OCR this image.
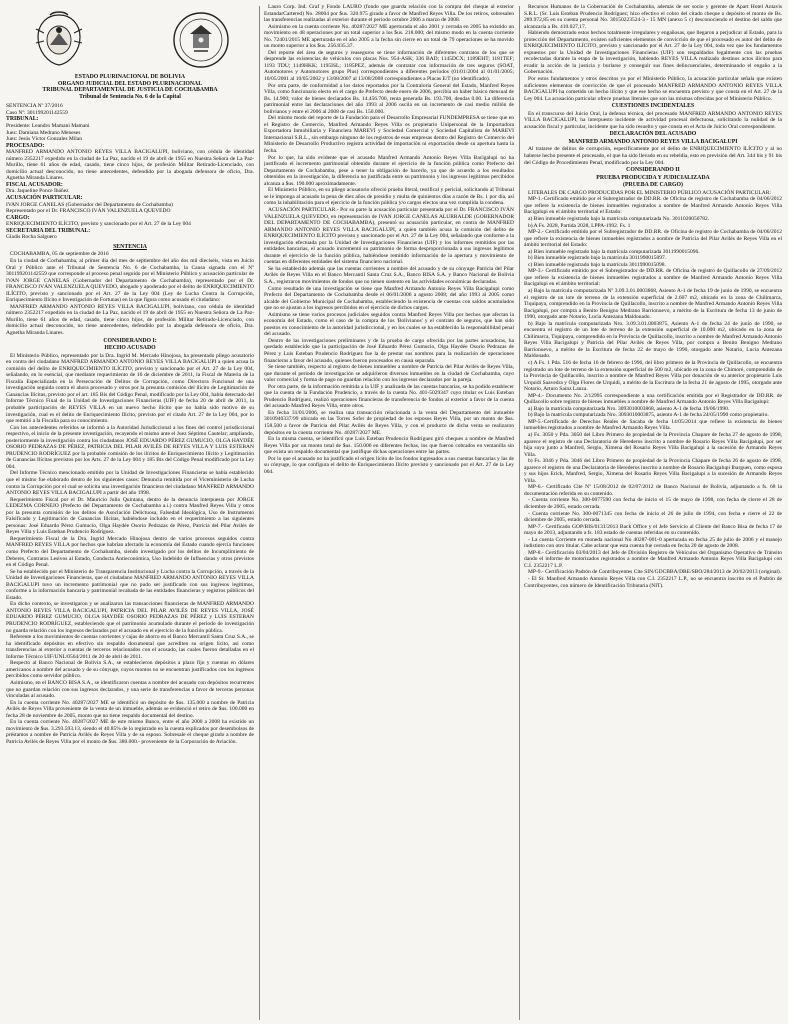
ESTADO PLURINACIONAL DE BOLIVIA

ORGANO JUDICIAL DEL ESTADO PLURINACIONAL

TRIBUNAL DEPARTAMENTAL DE JUSTICIA DE COCHABAMBA

Tribunal de Sentencia No. 6 de la Capital

SENTENCIA Nº 37/2016

Caso Nº: 301199201142559

TRIBUNAL:

Presidente: Leandro Mamani Mamani

Juez: Damiana Medrano Meneses

Juez: Jesús Víctor Gonzales Milan

PROCESADO:

MANFRED ARMANDO ANTONIO REYES VILLA BACIGALUPI, boliviano, con cédula de identidad número 2352217 expedido en la ciudad de La Paz, nacido el 19 de abril de 1955 en Nuestra Señora de La Paz-Murillo, tiene 61 años de edad, casado, tiene cinco hijos, de profesión Militar Retirado-Licenciado, con domicilio actual desconocido, no tiene antecedentes, defendido por la abogada defensora de oficio, Dra. Agnetha Miranda Linares.

FISCAL ACUSADOR:

Dra. Jaqueline Ponce Ibáñez

ACUSACIÓN PARTICULAR:

IVAN JORGE CANELAS (Gobernador del Departamento de Cochabamba)

Representado por el Dr. FRANCISCO IVÁN VALENZUELA QUEVEDO

CARGO:

ENRIQUECIMIENTO ILÍCITO, previsto y sancionado por el Art. 27 de la Ley 004

SECRETARIA DEL TRIBUNAL:

Gladis Rocha Salguero

SENTENCIA

COCHABAMBA, 05 de septiembre de 2016

En la ciudad de Cochabamba, al primer día del mes de septiembre del año dos mil dieciséis, vista en Juicio Oral y Público ante el Tribunal de Sentencia No. 6 de Cochabamba, la Causa signada con el Nº 301199201142559 que corresponde al proceso penal seguido por el Ministerio Público y acusación particular de IVAN JORGE CANELAS (Gobernador del Departamento de Cochabamba), representado por el Dr. FRANCISCO IVÁN VALENZUELA QUEVEDO, abogado y apoderado por el delito de ENRIQUECIMIENTO ILÍCITO, previsto y sancionado por el Art. 27 de la Ley 004 (Ley de Lucha Contra la Corrupción, Enriquecimiento Ilícito e Investigación de Fortunas) en la que figura como acusado el ciudadano:

MANFRED ARMANDO ANTONIO REYES VILLA BACIGALUPI, boliviano, con cédula de identidad número 2352217 expedido en la ciudad de La Paz, nacido el 19 de abril de 1955 en Nuestra Señora de La Paz-Murillo, tiene 61 años de edad, casado, tiene cinco hijos, de profesión Militar Retirado-Licenciado, con domicilio actual desconocido, no tiene antecedentes, defendido por la abogada defensora de oficio, Dra. Agnetha Miranda Linares.

CONSIDERANDO I:
HECHO ACUSADO

El Ministerio Público, representado por la Dra. Ingrid M. Mercado Hinojosa, ha presentado pliego acusatorio en contra del ciudadano MANFRED ARMANDO ANTONIO REYES VILLA BACIGALUPI a quien acusa la comisión del delito de ENRIQUECIMIENTO ILÍCITO, previsto y sancionado por el Art. 27 de la Ley 004, señalando, en lo esencial, que mediante requerimiento de 16 de diciembre de 2011, la Fiscal de Materia de la Fiscalía Especializada en la Persecución de Delitos de Corrupción, como Directora Funcional de una investigación seguida contra el ahora procesado y otros por la presunta comisión del ilícito de Legitimación de Ganancias Ilícitas, previsto por el art. 185 Bis del Código Penal, modificado por la Ley 004, había detectado del Informe Técnico Final de la Unidad de Investigaciones Financieras (UIF) de fecha 20 de abril de 2011, la probable participación de REYES VILLA en un nuevo hecho ilícito que no había sido motivo de su investigación, cual es el delito de Enriquecimiento Ilícito, previsto por el citado Art. 27 de la Ley 004, por lo que remitió a la Fiscalía para su conocimiento.

Con los antecedentes referidos se informó a la Autoridad Jurisdiccional a los fines del control jurisdiccional respectivo, el inicio de la presente investigación, recayendo el mismo ante el Juez Séptimo Cautelar; ampliando, posteriormente la investigación contra los ciudadanos JOSÉ EDUARDO PÉREZ GUMUCIO, OLGA HAYDÉE OSORIO PEDRAZAS DE PÉREZ, PATRICIA DEL PILAR AVILÉS DE REYES VILLA Y LUIS ESTEBAN PRUDENCIO RODRÍGUEZ por la probable comisión de los ilícitos de Enriquecimiento Ilícito y Legitimación de Ganancias Ilícitas previstos por los Arts. 27 de la Ley 004 y 185 Bis del Código Penal modificado por la Ley 004.

Del Informe Técnico mencionado emitido por la Unidad de Investigaciones Financieras se había establecido que el mismo fue elaborado dentro de los siguientes casos: Denuncia remitida por el Viceministerio de Lucha contra la Corrupción por el cual se solicita una investigación financiera del ciudadano MANFRED ARMANDO ANTONIO REYES VILLA BACIGALUPI a partir del año 1998.

Requerimiento Fiscal por el Dr. Mauricio Julio Quintana, dentro de la denuncia interpuesta por JORGE LEDEZMA CORNEJO (Prefecto del Departamento de Cochabamba a.i.) contra Manfred Reyes Villa y otros por la presunta comisión de los delitos de Asociación Delictuosa, Falsedad Ideológica, Uso de Instrumento Falsificado y Legitimación de Ganancias Ilícitas, habiéndose incluido en el requerimiento a las siguientes personas: José Eduardo Pérez Gumucio, Olga Haydée Osorio Pedrazas de Pérez, Patricia del Pilar Avilés de Reyes Villa y Luis Esteban Prudencio Rodríguez.

Requerimiento Fiscal de la Dra. Ingrid Mercado Hinojosa dentro de varios procesos seguidos contra MANFRED REYES VILLA por hechos que habrían afectado la economía del Estado cuando ejercía funciones como Prefecto del Departamento de Cochabamba, siendo investigado por los delitos de Incumplimiento de Deberes, Contratos Lesivos al Estado, Conducta Antieconómica, Uso Indebido de Influencias y otros previstos en el Código Penal.

Se ha establecido por el Ministerio de Transparencia Institucional y Lucha contra la Corrupción, a través de la Unidad de Investigaciones Financieras, que el ciudadano MANFRED ARMANDO ANTONIO REYES VILLA BACIGALUPI tuvo un incremento patrimonial que no pudo ser justificado con sus ingresos legítimos, conforme a la información bancaria y patrimonial recabada de las entidades financieras y registros públicos del Estado.

En dicho contexto, se investigaron y se analizaron las transacciones financieras de MANFRED ARMANDO ANTONIO REYES VILLA BACIGALUPI, PATRICIA DEL PILAR AVILÉS DE REYES VILLA, JOSÉ EDUARDO PÉREZ GUMUCIO, OLGA HAYDÉE OSORIO PEDRAZAS DE PÉREZ y LUIS ESTEBAN PRUDENCIO RODRÍGUEZ, estableciendo que el patrimonio acumulado durante el período de investigación no guarda relación con los ingresos declarados por el acusado en el ejercicio de la función pública.

Referente a los movimientos de cuentas corrientes y cajas de ahorro en el Banco Mercantil Santa Cruz S.A., se ha identificado depósitos en efectivo sin respaldo documental que acrediten su origen lícito, así como transferencias al exterior a cuentas de terceros relacionados con el acusado, las cuales fueron detalladas en el Informe Técnico UIF/UNL/0564/2011 de 20 de abril de 2011.

Respecto al Banco Nacional de Bolivia S.A., se establecieron depósitos a plazo fijo y cuentas en dólares americanos a nombre del acusado y de su cónyuge, cuyos montos no se encuentran justificados con los ingresos percibidos como servidor público.

Asimismo, en el BANCO BISA S.A., se identificaron cuentas a nombre del acusado con depósitos recurrentes que no guardan relación con sus ingresos declarados, y una serie de transferencias a favor de terceras personas vinculadas al acusado.

En la cuenta corriente No. 40287/2027 ME se identificó un depósito de $us. 135.000 a nombre de Patricia Avilés de Reyes Villa proveniente de la venta de un inmueble, además se evidenció el retiro de $us. 100.000 en fecha 28 de noviembre de 2005, monto que no tiene respaldo documental del destino.

En la cuenta corriente No. 40287/2027 ME de este mismo Banco, entre el año 2000 a 2008 ha existido un movimiento de $us. 3.293.593.13, siendo el 40.85% de lo registrado en la cuenta explicados por desembolsos de préstamos a nombre de Patricia Avilés de Reyes Villa y de su esposo. Sobresale el cheque girado a nombre de Patricia Avilés de Reyes Villa por el monto de $us. 380.000.- proveniente de la Corporación de Aviación.

Lauro Corp. Ind. Graf y Fondo LAURO (fondo que guarda relación con la compra del cheque al exterior EstandarCartered) No. 28004 por $us. 320.975 girado a favor de Manfred Reyes Villa. De los retiros, sobresalen las transferencias realizadas al exterior durante el periodo octubre 2006 a marzo de 2008.

Asimismo en la cuenta corriente No. 40287/2027 ME aperturada el año 2001 y cerrada en 2005 ha existido un movimiento en 48 operaciones por un total superior a los $us. 218.000; del mismo modo en la cuenta corriente No. 72401/2015 ME aperturada en el año 2005 a la fecha sin cierre en un total de 79 operaciones se ha movido un monto superior a los $us. 256.835.37.

Del reporte del área de seguros y reaseguros se tiene información de diferentes contratos de los que se desprende las existencias de vehículos con placas Nos. 954-ASK; 336 BAD; 1145DCX; 1189EHT; 1181TEF; 1193 TDU; 1149HKK; 1195ISL; 1185PEZ, además de contratar con información de tres seguros (SOAT, Automotores y Automotores grupo Plus) correspondientes a diferentes períodos (01/01/2004 al 01/01/2005; 10/05/2001 al 10/05/2002 y 13/08/2007 al 13/08/2008 correspondientes a Placas E/T (no identificado).

Por otra parte, de conformidad a los datos reportados por la Contraloría General del Estado, Manfred Reyes Villa, como funcionario electo en el cargo de Prefecto desde enero de 2006, percibía un haber básico mensual de Bs. 14.900; valor de bienes declarados Bs. 14.456.700, renta generada Bs. 193.700, deudas 0.00. La diferencia patrimonial entre las declaraciones del año 1993 al 2006 oscila en un incremento de casi medio millón de bolivianos y entre el 2006 al 2008 de casi Bs. 150.000.

Del mismo modo del reporte de la Fundación para el Desarrollo Empresarial FUNDEMPRESA se tiene que en el Registro de Comercio, Manfred Armando Reyes Villa es propietario Unipersonal de la Importadora Exportadora Inmobiliaria y Financiera MAREVI y Sociedad Comercial y Sociedad Capitalista de MAREVI Internacional S.R.L., sin embargo ninguno de los registros de esas empresas dentro del Registro de Comercio del Ministerio de Desarrollo Productivo registra actividad de importación ni exportación desde su apertura hasta la fecha.

Por lo que, ha sido evidente que el acusado Manfred Armando Antonio Reyes Villa Bacigalupi no ha justificado el incremento patrimonial obtenido durante el ejercicio de la función pública como Prefecto del Departamento de Cochabamba, pese a tener la obligación de hacerlo, ya que de acuerdo a los resultados obtenidos en la investigación, la diferencia no justificada entre su patrimonio y los ingresos legítimos percibidos alcanza a $us. 190.000 aproximadamente.

El Ministerio Público, en su pliego acusatorio ofreció prueba literal, testifical y pericial, solicitando al Tribunal se le imponga al acusado la pena de diez años de presidio y multa de quinientos días a razón de Bs. 1 por día, así como la inhabilitación para el ejercicio de la función pública y/o cargos electos una vez cumplida la condena.

ACUSACIÓN PARTICULAR.- Por su parte la acusación particular presentada por el Dr. FRANCISCO IVÁN VALENZUELA QUEVEDO, en representación de IVAN JORGE CANELAS ALURRALDE (GOBERNADOR DEL DEPARTAMENTO DE COCHABAMBA), presentó su acusación particular, en contra de MANFRED ARMANDO ANTONIO REYES VILLA BACIGALUPI, a quien también acusa la comisión del delito de ENRIQUECIMIENTO ILÍCITO previsto y sancionado por el Art. 27 de la Ley 004, señalando que conforme a la investigación efectuada por la Unidad de Investigaciones Financieras (UIF) y los informes remitidos por las entidades bancarias, el acusado incrementó su patrimonio de forma desproporcionada a sus ingresos legítimos durante el ejercicio de la función pública, habiéndose remitido información de la apertura y movimiento de cuentas en diferentes entidades del sistema financiero nacional.

Se ha establecido además que las cuentas corrientes a nombre del acusado y de su cónyuge Patricia del Pilar Avilés de Reyes Villa en el Banco Mercantil Santa Cruz S.A., Banco BISA S.A. y Banco Nacional de Bolivia S.A., registraron movimientos de fondos que no tienen sustento en las actividades económicas declaradas.

Como resultado de una investigación se tiene que Manfred Armando Antonio Reyes Villa Bacigalupi como Prefecto del Departamento de Cochabamba desde el 06/01/2006 a agosto 2008; del año 1993 al 2005 como alcalde del Gobierno Municipal de Cochabamba, estableciendo la existencia de cuentas con saldos acumulados que no se ajustan a los ingresos percibidos en el ejercicio de dichos cargos.

Asimismo se tiene varios procesos judiciales seguidos contra Manfred Reyes Villa por hechos que afectan la economía del Estado, como el caso de la compra de los 'Bolivianos' y el contrato de seguros, que han sido puestos en conocimiento de la autoridad jurisdiccional, y en los cuales se ha establecido la responsabilidad penal del acusado.

Dentro de las investigaciones preliminares y de la prueba de cargo ofrecida por las partes acusadoras, ha quedado establecido que la participación de José Eduardo Pérez Gumucio, Olga Haydée Osorio Pedrazas de Pérez y Luis Esteban Prudencio Rodríguez fue la de prestar sus nombres para la realización de operaciones financieras a favor del acusado, quienes fueron procesados en causa separada.

Se tiene también, respecto al registro de bienes inmuebles a nombre de Patricia del Pilar Avilés de Reyes Villa, que durante el periodo de investigación se adquirieron diversos inmuebles en la ciudad de Cochabamba, cuyo valor comercial y forma de pago no guardan relación con los ingresos declarados por la pareja.

Por otra parte, de la información remitida a la UIF y analizada de las cuentas bancarias, se ha podido establecer que la cuenta de la Fundación Prudencio, a través de la cuenta No. 401-5029347 cuyo titular es Luis Esteban Prudencio Rodríguez, realizó operaciones financieras de transferencia de fondos al exterior a favor de la cuenta del acusado Manfred Reyes Villa, entre otros.

En fecha 31/01/2006, se realiza una transacción relacionada a la venta del Departamento del inmueble 3010940337/99 ubicado en las Torres Sofer de propiedad de los esposos Reyes Villa, por un monto de $us. 158.500 a favor de Patricia del Pilar Avilés de Reyes Villa, y con el producto de dicha venta se realizaron depósitos en la cuenta corriente No. 40287/2027 ME.

En la misma cuenta, se identificó que Luis Esteban Prudencio Rodríguez giró cheques a nombre de Manfred Reyes Villa por un monto total de $us. 150.000 en diferentes fechas, los que fueron cobrados en ventanilla sin que exista un respaldo documental que justifique dichas operaciones entre las partes.

Por lo que el acusado no ha justificado el origen lícito de los fondos ingresados a sus cuentas bancarias y las de su cónyuge, lo que configura el delito de Enriquecimiento Ilícito previsto y sancionado por el Art. 27 de la Ley 004.

Recursos Humanos de la Gobernación de Cochabamba, además de ser socio y gerente de Apart Hotel Antavis S.R.L. (Sr. Luis Esteban Prudencio Rodríguez; hizo efectivo el cobro del citado cheque o depósito el monto de Bs. 289.972,85 en su cuenta personal No. 30150223524-3 - 15 MN (anexo 5 c) desconociendo el destino del saldo que alcanzaría a Bs. 410.027,17.

Habiendo demostrado estos hechos totalmente irregulares y engañosas, que llegaron a perjudicar al Estado, para la protección del Departamento, existen suficientes elementos de convicción de que el procesado es autor del delito de ENRIQUECIMIENTO ILÍCITO, previsto y sancionado por el Art. 27 de la Ley 004, toda vez que los fundamentos expuestos por la Unidad de Investigaciones Financieras (UIF) son respaldados legalmente con las pruebas recolectadas durante la etapa de la investigación, habiendo REYES VILLA realizado destinos actos ilícitos para evadir la acción de la justicia y burlarse y conseguir sus fines delincuenciales, determinando el engaño a la Gobernación.

Por estos fundamentos y otros descritos ya por el Ministerio Público, la acusación particular señala que existen suficientes elementos de convicción de que el procesado MANFRED ARMANDO ANTONIO REYES VILLA BACIGALUPI ha cometido un hecho ilícito y que ese hecho se encuentra previsto y que consta en el Art. 27 de la Ley 004. La acusación particular ofrece pruebas literales que son las mismas ofrecidas por el Ministerio Público.

CUESTIONES INCIDENTALES

En el transcurso del Juicio Oral, la defensa técnica, del procesado MANFRED ARMANDO ANTONIO REYES VILLA BACIGALUPI, ha interpuesto incidente de actividad procesal defectuosa, solicitando la nulidad de la acusación fiscal y particular, incidente que ha sido resuelto y que consta en el Acta de Juicio Oral correspondiente.

DECLARACIÓN DEL ACUSADO
MANFRED ARMANDO ANTONIO REYES VILLA BACIGALUPI

Al tratarse de delitos de corrupción, específicamente por el delito de ENRIQUECIMIENTO ILÍCITO y al no haberse hecho presente el procesado, el que ha sido llevado en su rebeldía, esto en previsión del Art. 344 bis y 91 bis del Código de Procedimiento Penal, modificado por la Ley 004.

CONSIDERANDO II
PRUEBA PRODUCIDA Y JUDICIALIZADA
(PRUEBA DE CARGO)

LITERALES DE CARGO PRODUCIDAS POR EL MINISTERIO PÚBLICO ACUSACIÓN PARTICULAR:

MP-1.-Certificado emitido por el Subregistrador de DD.RR. de Oficina de registro de Cochabamba de 04/06/2012 que refiere la existencia de bienes inmuebles registrados a nombre de Manfred Armando Antonio Reyes Villa Bacigalupi en el ámbito territorial el Estado:

a) Bien inmueble registrado bajo la matrícula computarizada No. 3011020050782.

b) A Fs. 2028, Partida 2028, LPPA-1992. Fs. 1

MP-2.- Certificado emitido por el Subregistrador de DD.RR. de Oficina de registro de Cochabamba de 04/06/2012 que refiere la existencia de bienes inmuebles registrados a nombre de Patricia del Pilar Avilés de Reyes Villa en el ámbito territorial del Estado:

a) Bien inmueble registrado bajo la matrícula computarizada 3011990015096.

b) Bien inmueble registrado bajo la matrícula 3011990015097.

c) Bien inmueble registrado bajo la matrícula 3011990015098.

MP-3.- Certificado emitido por el Subregistrador de DD.RR. de Oficina de registro de Quillacollo de 27/09/2012 que refiere la existencia de bienes inmuebles registrados a nombre de Manfred Armando Antonio Reyes Villa Bacigalupi en el ámbito territorial:

a) Bajo la matrícula computarizada Nº 3.09.3.01.0003868, Asiento A-1 de fecha 19 de junio de 1990, se encuentra el registro de un lote de terreno de la extensión superficial de 2.607 m2, ubicado en la zona de Chilimarca, Tiquipaya, comprendido en la Provincia de Quillacollo, inscrito a nombre de Manfred Armando Antonio Reyes Villa Bacigalupi, por compra a Benito Benigno Medrano Barrionuevo, a mérito de la Escritura de fecha 13 de junio de 1990, otorgado ante Notario, Lucia Antezana Maldonado.

b) Bajo la matrícula computarizada Nro. 3.09.3.01.0003875, Asiento A-1 de fecha 24 de junio de 1990, se encuentra el registro de un lote de terreno de la extensión superficial de 10.000 m2, ubicado en la zona de Chilimarca, Tiquipaya, comprendido en la Provincia de Quillacollo, inscrito a nombre de Manfred Armando Antonio Reyes Villa Bacigalupi y Patricia del Pilar Avilés de Reyes Villa, por compra a Benito Benigno Medrano Barrionuevo, a mérito de la Escritura de fecha 22 de mayo de 1990, otorgado ante Notario, Lucia Antezana Maldonado.

c) A Fs. 1 Pda. 516 de fecha 16 de febrero de 1996, del libro primero de la Provincia de Quillacollo, se encuentra registrado un lote de terreno de la extensión superficial de 500 m2, ubicado en la zona de Chimoré, comprendido de la Provincia de Quillacollo, inscrito a nombre de Manfred Reyes Villa por donación de su anterior propietario Luis Urquidi Saavedra y Olga Flores de Urquidi, a mérito de la Escritura de la fecha 21 de agosto de 1995, otorgado ante Notario, Arturo Sainz Lanza.

MP-4.- Documento No. 2/12995 correspondiente a una certificación emitida por el Registrador de DD.RR. de Quillacollo sobre registro de bienes inmuebles a nombre de Manfred Armando Antonio Reyes Villa Bacigalupi:

a) Bajo la matrícula computarizada Nro. 3093010003868, asiento A-1 de fecha 19/06/1990.

b) Bajo la matrícula computarizada Nro. 3093010003875, asiento A-1 de fecha 24/05/1990 como propietario.

MP-5.-Certificado de Derechos Reales de Sacaba de fecha 14/05/2014 que refiere la existencia de bienes inmuebles registrados a nombre de Manfred Armando Reyes Villa.

a) Fs. 3050 y Pda. 3050 del Libro Primero de propiedad de la Provincia Chapare de fecha 27 de agosto de 1998, aparece el registro de una Declaratoria de Herederos inscrito a nombre de Rosario Reyes Villa Bacigalupi, por ser hija suya junto a Manfred, Sergio, Ximena del Rosario Reyes Villa Bacigalupi a la sucesión de Armando Reyes Villa.

b) Fs. 3046 y Pda. 3046 del Libro Primero de propiedad de la Provincia Chapare de fecha 26 de agosto de 1998, aparece el registro de una Declaratoria de Herederos inscrito a nombre de Rosario Bacigalupi Ibarguen, como esposa y sus hijos Erick, Manfred, Sergio, Ximena del Rosario Reyes Villa Bacigalupi a la sucesión de Armando Reyes Villa.

MP-6.- Certificado Cite Nº 15/08/2012 de 02/07/2012 de Banco Nacional de Bolivia, adjuntando a fs. 68 la documentación referida en su contenido.

- Cuenta corriente No. 300-0077590 con fecha de inicio el 15 de mayo de 1998, con fecha de cierre el 28 de diciembre de 2005, estado cerrada.

- Cuenta corriente No. 300-0071345 con fecha de inicio el 26 de julio de 1994, con fecha e cierre el 22 de diciembre de 2005, estado cerrada.

MP-7.- Certificado GOP/BIS/0131/2013 Back Office y el Jefe Servicio al Cliente del Banco Bisa de fecha 17 de mayo de 2013, adjuntando a fs. 183 estado de cuentas referidas en su contenido.

- La cuenta Corriente en moneda nacional No 40287-001-0 aperturada en fecha 25 de julio de 2006 y el manejo indistinto con otro titular. Cabe aclarar que esta cuenta fue cerrada en fecha 20 de agosto de 2008.

MP-8.- Certificación 03/04/2013 del Jefe de División Registro de Vehículos del Organismo Operativo de Tránsito dando el informe de motorizados registrados a nombre de Manfred Armando Antonio Reyes Villa Bacigalupi con C.I. 2352217 L.P.

MP-9.- Certificación Padrón de Contribuyentes Cite SIN/GDCBBA/DRE/SBO/284/2013 de 20/02/2013 (original).

- El Sr. Manfred Armando Antonio Reyes Villa con C.I. 2352217 L.P., no se encuentra inscrito en el Padrón de Contribuyentes, con número de Identificación Tributaria (NIT).
